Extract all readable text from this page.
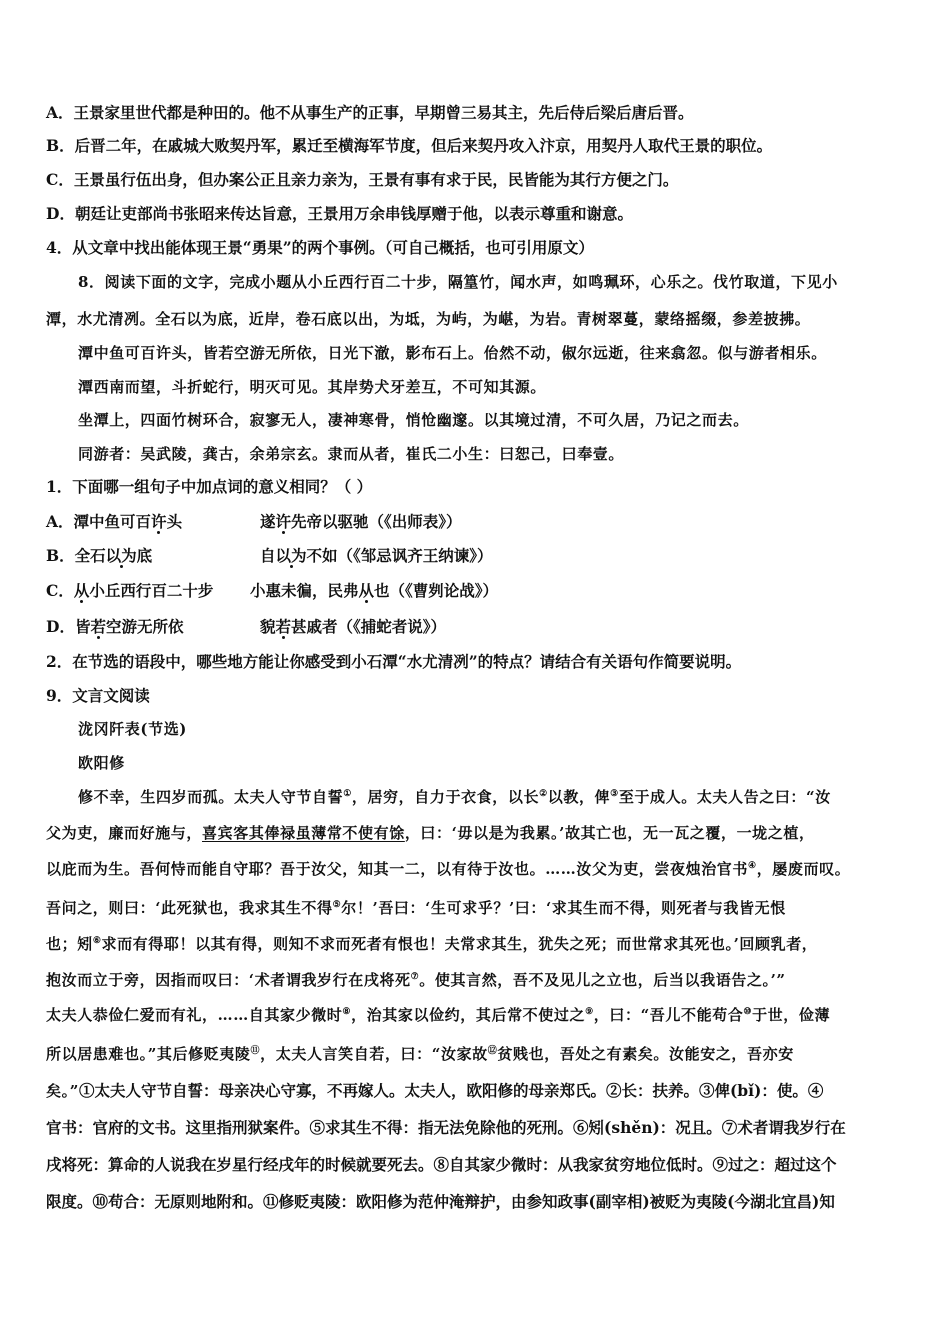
A．王景家里世代都是种田的。他不从事生产的正事，早期曾三易其主，先后侍后梁后唐后晋。
B．后晋二年，在戚城大败契丹军，累迁至横海军节度，但后来契丹攻入汴京，用契丹人取代王景的职位。
C．王景虽行伍出身，但办案公正且亲力亲为，王景有事有求于民，民皆能为其行方便之门。
D．朝廷让吏部尚书张昭来传达旨意，王景用万余串钱厚赠于他，以表示尊重和谢意。
4．从文章中找出能体现王景“勇果”的两个事例。（可自己概括，也可引用原文）
8．阅读下面的文字，完成小题从小丘西行百二十步，隔篁竹，闻水声，如鸣珮环，心乐之。伐竹取道，下见小
潭，水尤清冽。全石以为底，近岸，卷石底以出，为坻，为屿，为嵁，为岩。青树翠蔓，蒙络摇缀，参差披拂。
潭中鱼可百许头，皆若空游无所依，日光下澈，影布石上。佁然不动，俶尔远逝，往来翕忽。似与游者相乐。
潭西南而望，斗折蛇行，明灭可见。其岸势犬牙差互，不可知其源。
坐潭上，四面竹树环合，寂寥无人，凄神寒骨，悄怆幽邃。以其境过清，不可久居，乃记之而去。
同游者：吴武陵，龚古，余弟宗玄。隶而从者，崔氏二小生：曰恕己，曰奉壹。
1．下面哪一组句子中加点词的意义相同？（ ）
A．潭中鱼可百许头	遂许先帝以驱驰（《出师表》）
B．全石以为底	自以为不如（《邹忌讽齐王纳谏》）
C．从小丘西行百二十步 小惠未徧，民弗从也（《曹刿论战》）
D．皆若空游无所依	貌若甚戚者（《捕蛇者说》）
2．在节选的语段中，哪些地方能让你感受到小石潭“水尤清冽”的特点？请结合有关语句作简要说明。
9．文言文阅读
泷冈阡表(节选)
欧阳修
修不幸，生四岁而孤。太夫人守节自誓①，居穷，自力于衣食，以长②以教，俾③至于成人。太夫人告之曰：“汝
父为吏，廉而好施与，喜宾客其俸禄虽薄常不使有馀，曰：‘毋以是为我累。’故其亡也，无一瓦之覆，一垅之植，
以庇而为生。吾何恃而能自守耶？吾于汝父，知其一二，以有待于汝也。……汝父为吏，尝夜烛治官书④，屡废而叹。
吾问之，则曰：‘此死狱也，我求其生不得⑤尔！’吾曰：‘生可求乎？’曰：‘求其生而不得，则死者与我皆无恨
也；矧⑥求而有得耶！以其有得，则知不求而死者有恨也！夫常求其生，犹失之死；而世常求其死也。’回顾乳者，
抱汝而立于旁，因指而叹曰：‘术者谓我岁行在戌将死⑦。使其言然，吾不及见儿之立也，后当以我语告之。’”
太夫人恭俭仁爱而有礼，……自其家少微时⑧，治其家以俭约，其后常不使过之⑨，曰：“吾儿不能苟合⑩于世，俭薄
所以居患难也。”其后修贬夷陵⑪，太夫人言笑自若，曰：“汝家故⑫贫贱也，吾处之有素矣。汝能安之，吾亦安
矣。”①太夫人守节自誓：母亲决心守寡，不再嫁人。太夫人，欧阳修的母亲郑氏。②长：扶养。③俾(bǐ)：使。④
官书：官府的文书。这里指刑狱案件。⑤求其生不得：指无法免除他的死刑。⑥矧(shěn)：况且。⑦术者谓我岁行在
戌将死：算命的人说我在岁星行经戌年的时候就要死去。⑧自其家少微时：从我家贫穷地位低时。⑨过之：超过这个
限度。⑩苟合：无原则地附和。⑪修贬夷陵：欧阳修为范仲淹辩护，由参知政事(副宰相)被贬为夷陵(今湖北宜昌)知
